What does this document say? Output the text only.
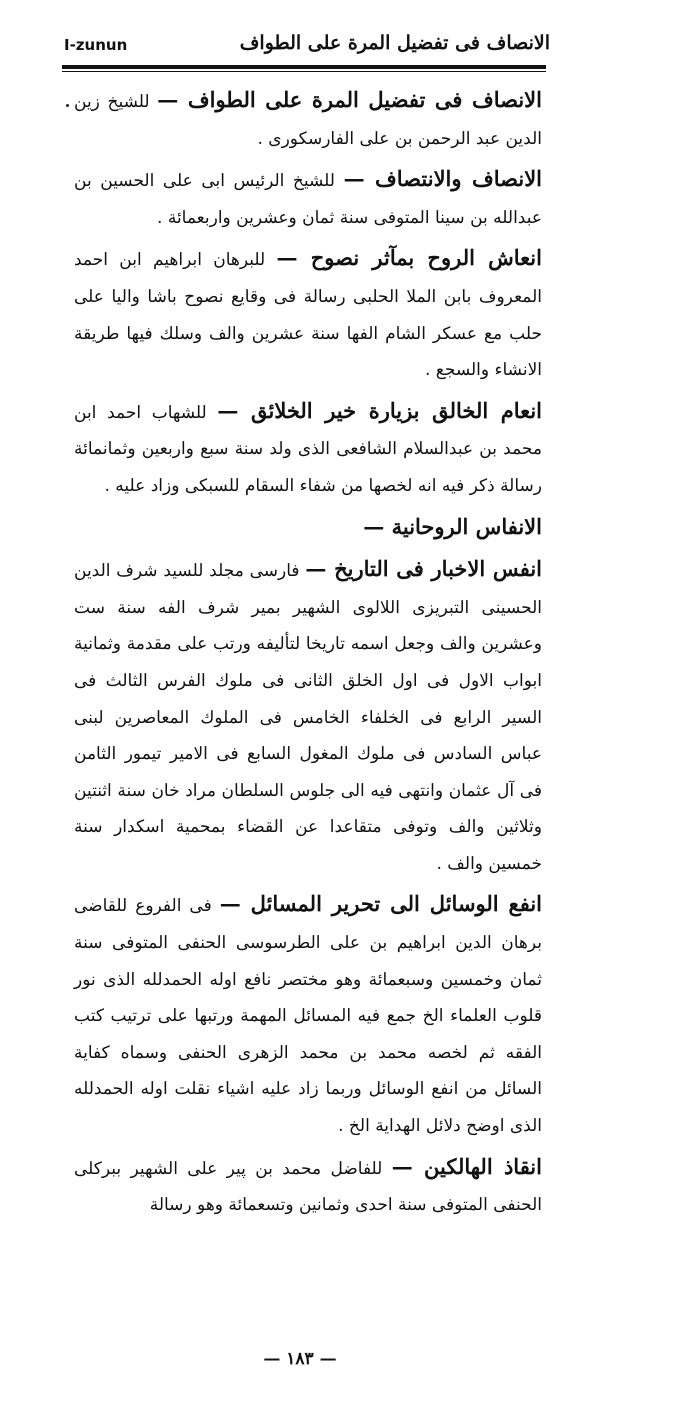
I-zunun	الانصاف فى تفضيل المرة على الطواف

الانصاف فى تفضيل المرة على الطواف — للشيخ زين الدين عبد الرحمن بن على الفارسكورى .

الانصاف والانتصاف — للشيخ الرئيس ابى على الحسين بن عبدالله بن سينا المتوفى سنة ثمان وعشرين واربعمائة .

انعاش الروح بمآثر نصوح — للبرهان ابراهيم ابن احمد المعروف بابن الملا الحلبى رسالة فى وقايع نصوح باشا واليا على حلب مع عسكر الشام الفها سنة عشرين والف وسلك فيها طريقة الانشاء والسجع .

انعام الخالق بزيارة خير الخلائق — للشهاب احمد ابن محمد بن عبدالسلام الشافعى الذى ولد سنة سبع واربعين وثمانمائة رسالة ذكر فيه انه لخصها من شفاء السقام للسبكى وزاد عليه .

الانفاس الروحانية —

انفس الاخبار فى التاريخ — فارسى مجلد للسيد شرف الدين الحسينى التبريزى اللالوى الشهير بمير شرف الفه سنة ست وعشرين والف وجعل اسمه تاريخا لتأليفه ورتب على مقدمة وثمانية ابواب الاول فى اول الخلق الثانى فى ملوك الفرس الثالث فى السير الرابع فى الخلفاء الخامس فى الملوك المعاصرين لبنى عباس السادس فى ملوك المغول السابع فى الامير تيمور الثامن فى آل عثمان وانتهى فيه الى جلوس السلطان مراد خان سنة اثنتين وثلاثين والف وتوفى متقاعدا عن القضاء بمحمية اسكدار سنة خمسين والف .

انفع الوسائل الى تحرير المسائل — فى الفروع للقاضى برهان الدين ابراهيم بن على الطرسوسى الحنفى المتوفى سنة ثمان وخمسين وسبعمائة وهو مختصر نافع اوله الحمدلله الذى نور قلوب العلماء الخ جمع فيه المسائل المهمة ورتبها على ترتيب كتب الفقه ثم لخصه محمد بن محمد الزهرى الحنفى وسماه كفاية السائل من انفع الوسائل وربما زاد عليه اشياء نقلت اوله الحمدلله الذى اوضح دلائل الهداية الخ .

انقاذ الهالكين — للفاضل محمد بن پير على الشهير ببركلى الحنفى المتوفى سنة احدى وثمانين وتسعمائة وهو رسالة

— ١٨٣ —
